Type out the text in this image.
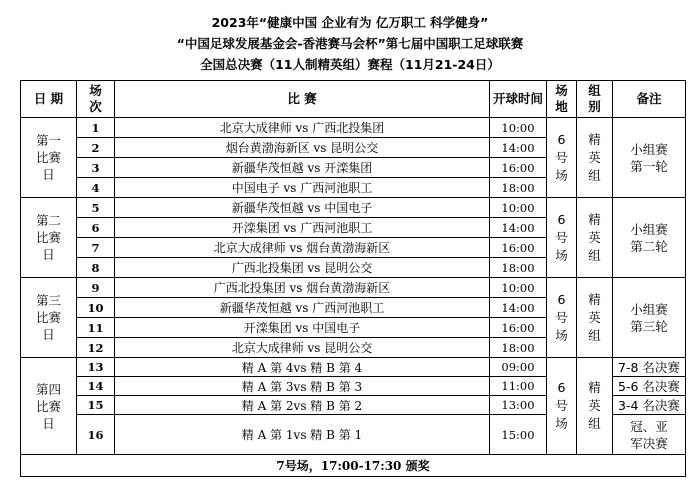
2023年“健康中国 企业有为 亿万职工 科学健身”
“中国足球发展基金会-香港赛马会杯”第七届中国职工足球联赛
全国总决赛（11人制精英组）赛程（11月21-24日）
日 期	场次	比 赛	开球时间	场地	组别	备注
第一比赛日	1	北京大成律师 vs 广西北投集团	10:00	6号场	精英组	小组赛第一轮
	2	烟台黄渤海新区 vs 昆明公交	14:00			
	3	新疆华茂恒越 vs 开滦集团	16:00			
	4	中国电子 vs 广西河池职工	18:00			
第二比赛日	5	新疆华茂恒越 vs 中国电子	10:00	6号场	精英组	小组赛第二轮
	6	开滦集团 vs 广西河池职工	14:00			
	7	北京大成律师 vs 烟台黄渤海新区	16:00			
	8	广西北投集团 vs 昆明公交	18:00			
第三比赛日	9	广西北投集团 vs 烟台黄渤海新区	10:00	6号场	精英组	小组赛第三轮
	10	新疆华茂恒越 vs 广西河池职工	14:00			
	11	开滦集团 vs 中国电子	16:00			
	12	北京大成律师 vs 昆明公交	18:00			
第四比赛日	13	精 A 第 4vs 精 B 第 4	09:00	6号场	精英组	7-8 名决赛
	14	精 A 第 3vs 精 B 第 3	11:00			5-6 名决赛
	15	精 A 第 2vs 精 B 第 2	13:00			3-4 名决赛
	16	精 A 第 1vs 精 B 第 1	15:00			冠、亚军决赛
7号场，17:00-17:30 颁奖						
